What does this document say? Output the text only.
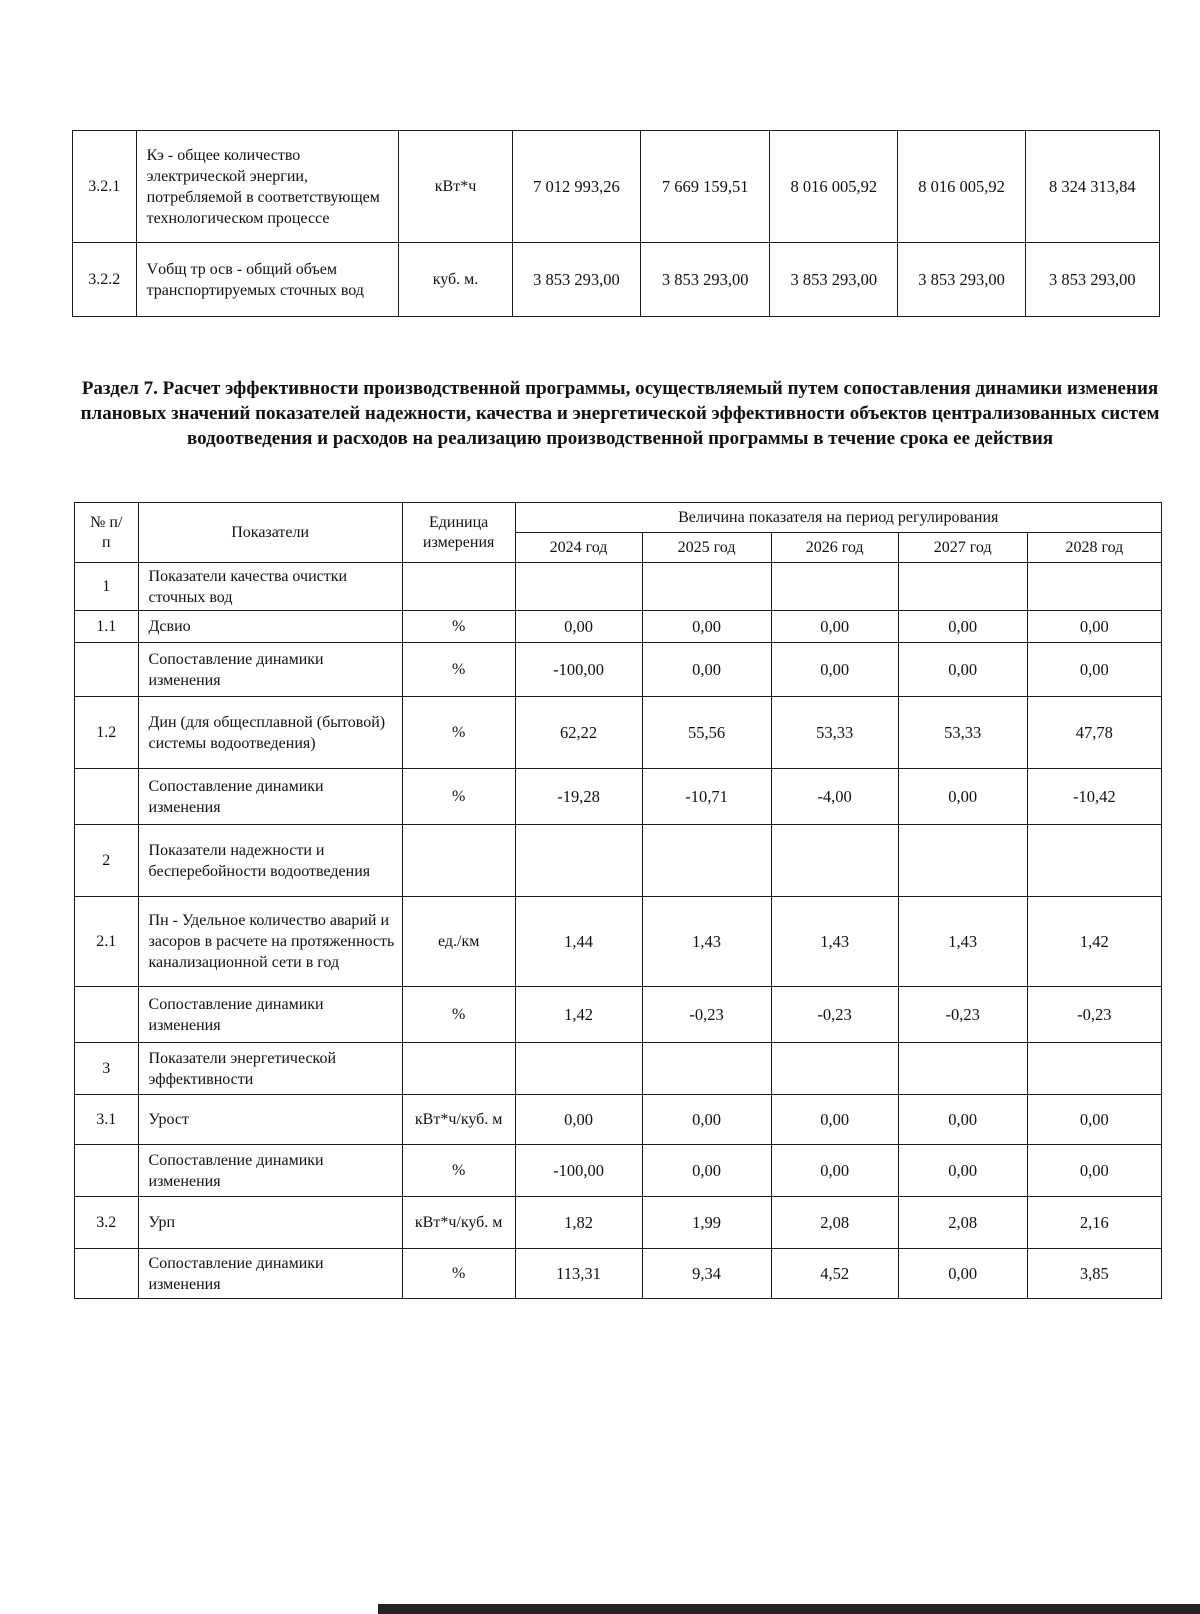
3.2.1	Кэ - общее количество электрической энергии, потребляемой в соответствующем технологическом процессе	кВт*ч	7 012 993,26	7 669 159,51	8 016 005,92	8 016 005,92	8 324 313,84
3.2.2	Vобщ тр осв - общий объем транспортируемых сточных вод	куб. м.	3 853 293,00	3 853 293,00	3 853 293,00	3 853 293,00	3 853 293,00
Раздел 7. Расчет эффективности производственной программы, осуществляемый путем сопоставления динамики изменения плановых значений показателей надежности, качества и энергетической эффективности объектов централизованных систем водоотведения и расходов на реализацию производственной программы в течение срока ее действия
№ п/п	Показатели	Единица измерения	Величина показателя на период регулирования				
			2024 год	2025 год	2026 год	2027 год	2028 год
1	Показатели качества очистки сточных вод						
1.1	Дсвио	%	0,00	0,00	0,00	0,00	0,00
	Сопоставление динамики изменения	%	-100,00	0,00	0,00	0,00	0,00
1.2	Дин (для общесплавной (бытовой) системы водоотведения)	%	62,22	55,56	53,33	53,33	47,78
	Сопоставление динамики изменения	%	-19,28	-10,71	-4,00	0,00	-10,42
2	Показатели надежности и бесперебойности водоотведения						
2.1	Пн - Удельное количество аварий и засоров в расчете на протяженность канализационной сети в год	ед./км	1,44	1,43	1,43	1,43	1,42
	Сопоставление динамики изменения	%	1,42	-0,23	-0,23	-0,23	-0,23
3	Показатели энергетической эффективности						
3.1	Урост	кВт*ч/куб. м	0,00	0,00	0,00	0,00	0,00
	Сопоставление динамики изменения	%	-100,00	0,00	0,00	0,00	0,00
3.2	Урп	кВт*ч/куб. м	1,82	1,99	2,08	2,08	2,16
	Сопоставление динамики изменения	%	113,31	9,34	4,52	0,00	3,85
